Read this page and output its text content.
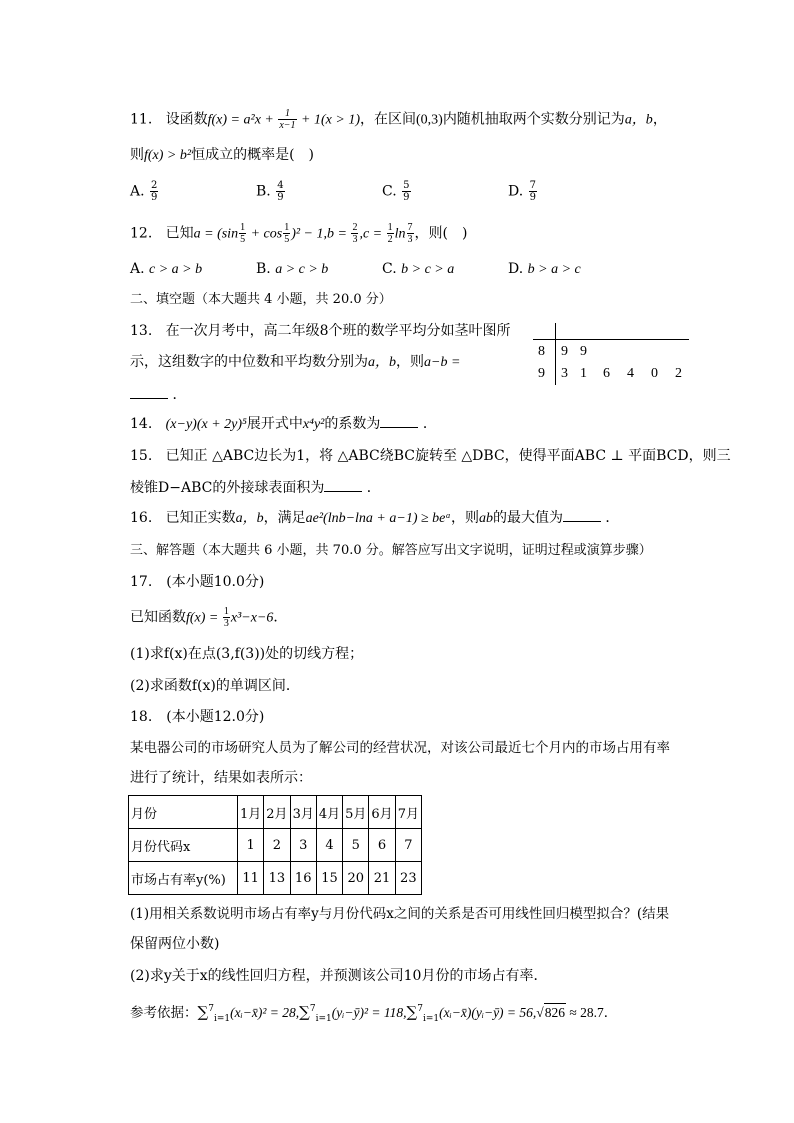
11. 设函数$f(x) = a^2x + \frac{1}{x-1} + 1(x > 1)$，在区间(0,3)内随机抽取两个实数分别记为a，b，
则f(x) > b²恒成立的概率是(　)
A. $\frac{2}{9}$	B. $\frac{4}{9}$	C. $\frac{5}{9}$	D. $\frac{7}{9}$
12. 已知$a = (\sin \frac{1}{5} + \cos \frac{1}{5} )^2 - 1,b = \frac{2}{3} ,c = \frac{1}{2}$ $\ln \frac{7}{3}$ ，则(　)
A. c > a > b	B. a > c > b	C. b > c > a	D. b > a > c
二、填空题（本大题共 4 小题，共 20.0 分）
13. 在一次月考中，高二年级8个班的数学平均分如茎叶图所
示，这组数字的中位数和平均数分别为a，b，则a−b =
．
8 9 9
9 3 1 6 4 0 2
14. (x−y)(x + 2y)⁵展开式中x⁴y²的系数为	．
15. 已知正 △ABC边长为1，将 △ABC绕BC旋转至 △DBC，使得平面ABC ⊥ 平面BCD，则三
棱锥D−ABC的外接球表面积为	．
16. 已知正实数a，b，满足ae²(lnb−lna + a−1) ≥ beᵃ，则ab的最大值为	．
三、解答题（本大题共 6 小题，共 70.0 分。解答应写出文字说明，证明过程或演算步骤）
17.　(本小题10.0分)
已知函数$f(x) = \frac{1}{3} x^3-x-6$．
(1)求f(x)在点(3,f(3))处的切线方程；
(2)求函数f(x)的单调区间．
18.　(本小题12.0分)
某电器公司的市场研究人员为了解公司的经营状况，对该公司最近七个月内的市场占用有率
进行了统计，结果如表所示：
月份	1月	2月	3月	4月	5月	6月	7月
月份代码x	1	2	3	4	5	6	7
市场占有率y(%)	11	13	16	15	20	21	23
(1)用相关系数说明市场占有率y与月份代码x之间的关系是否可用线性回归模型拟合？(结果
保留两位小数)
(2)求y关于x的线性回归方程，并预测该公司10月份的市场占有率．
参考依据：∑$^7_{i=1}$(xᵢ−x̄)² = 28,∑$^7_{i=1}$(yᵢ−ȳ)² = 118,∑$^7_{i=1}$(xᵢ−x̄)(yᵢ−ȳ) = 56,√826 ≈ 28.7．
